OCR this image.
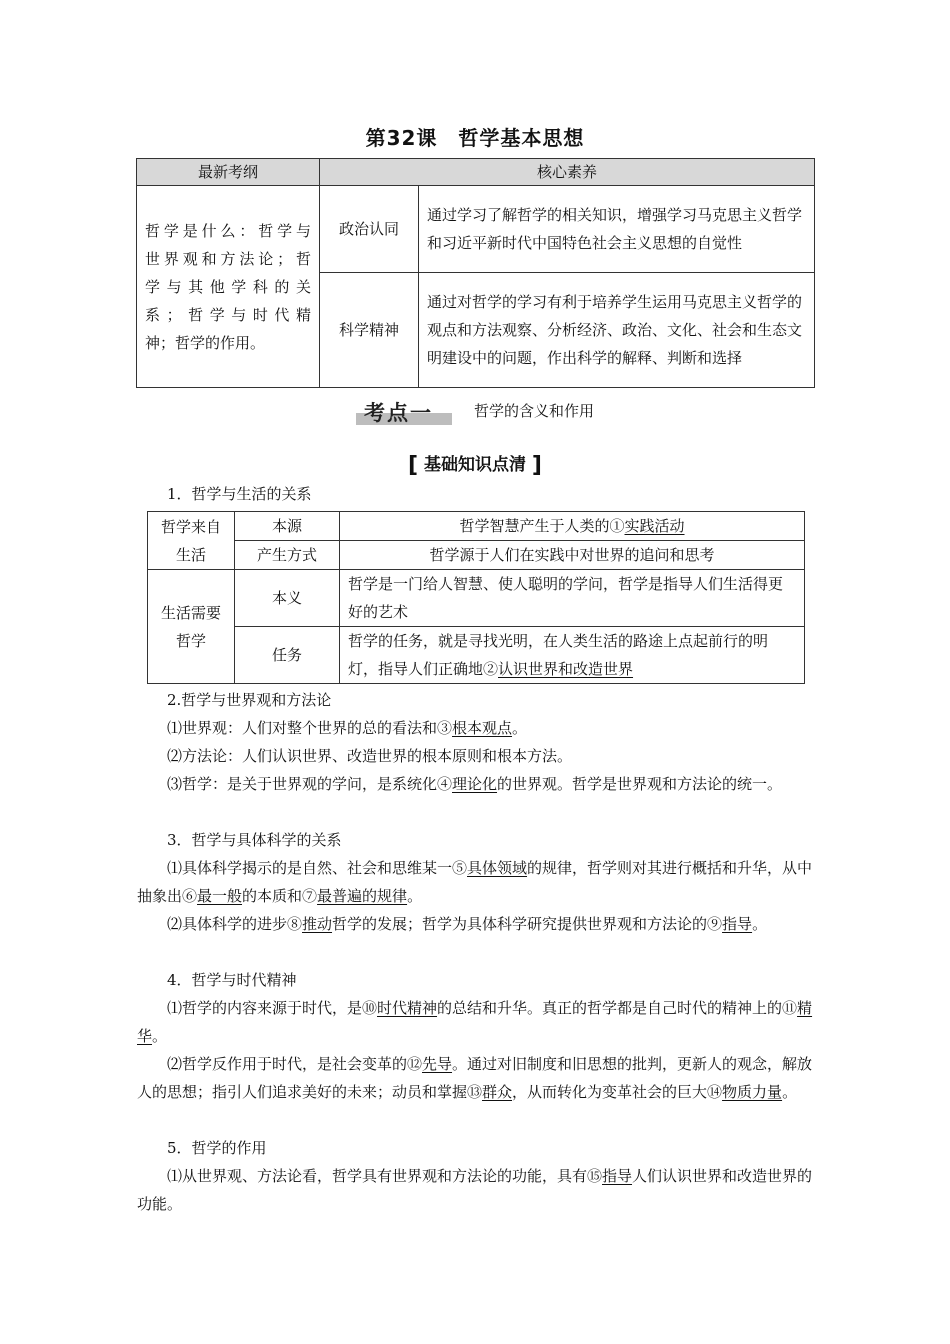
第32课　哲学基本思想
最新考纲	核心素养	

哲学是什么：哲学与
世界观和方法论；哲
学与其他学科的关
系；哲学与时代精
神；哲学的作用。	政治认同	通过学习了解哲学的相关知识，增强学习马克思主义哲学和习近平新时代中国特色社会主义思想的自觉性
	科学精神	通过对哲学的学习有利于培养学生运用马克思主义哲学的观点和方法观察、分析经济、政治、文化、社会和生态文明建设中的问题，作出科学的解释、判断和选择
考点一	哲学的含义和作用
[ 基础知识点清 ]
1．哲学与生活的关系
哲学来自生活	本源	哲学智慧产生于人类的①实践活动
	产生方式	哲学源于人们在实践中对世界的追问和思考
生活需要哲学	本义	哲学是一门给人智慧、使人聪明的学问，哲学是指导人们生活得更好的艺术
	任务	哲学的任务，就是寻找光明，在人类生活的路途上点起前行的明灯，指导人们正确地②认识世界和改造世界
2.哲学与世界观和方法论
⑴世界观：人们对整个世界的总的看法和③根本观点。
⑵方法论：人们认识世界、改造世界的根本原则和根本方法。
⑶哲学：是关于世界观的学问，是系统化④理论化的世界观。哲学是世界观和方法论的统一。
3．哲学与具体科学的关系
⑴具体科学揭示的是自然、社会和思维某一⑤具体领域的规律，哲学则对其进行概括和升华，从中抽象出⑥最一般的本质和⑦最普遍的规律。
⑵具体科学的进步⑧推动哲学的发展；哲学为具体科学研究提供世界观和方法论的⑨指导。
4．哲学与时代精神
⑴哲学的内容来源于时代，是⑩时代精神的总结和升华。真正的哲学都是自己时代的精神上的⑪精华。
⑵哲学反作用于时代，是社会变革的⑫先导。通过对旧制度和旧思想的批判，更新人的观念，解放人的思想；指引人们追求美好的未来；动员和掌握⑬群众，从而转化为变革社会的巨大⑭物质力量。
5．哲学的作用
⑴从世界观、方法论看，哲学具有世界观和方法论的功能，具有⑮指导人们认识世界和改造世界的功能。
